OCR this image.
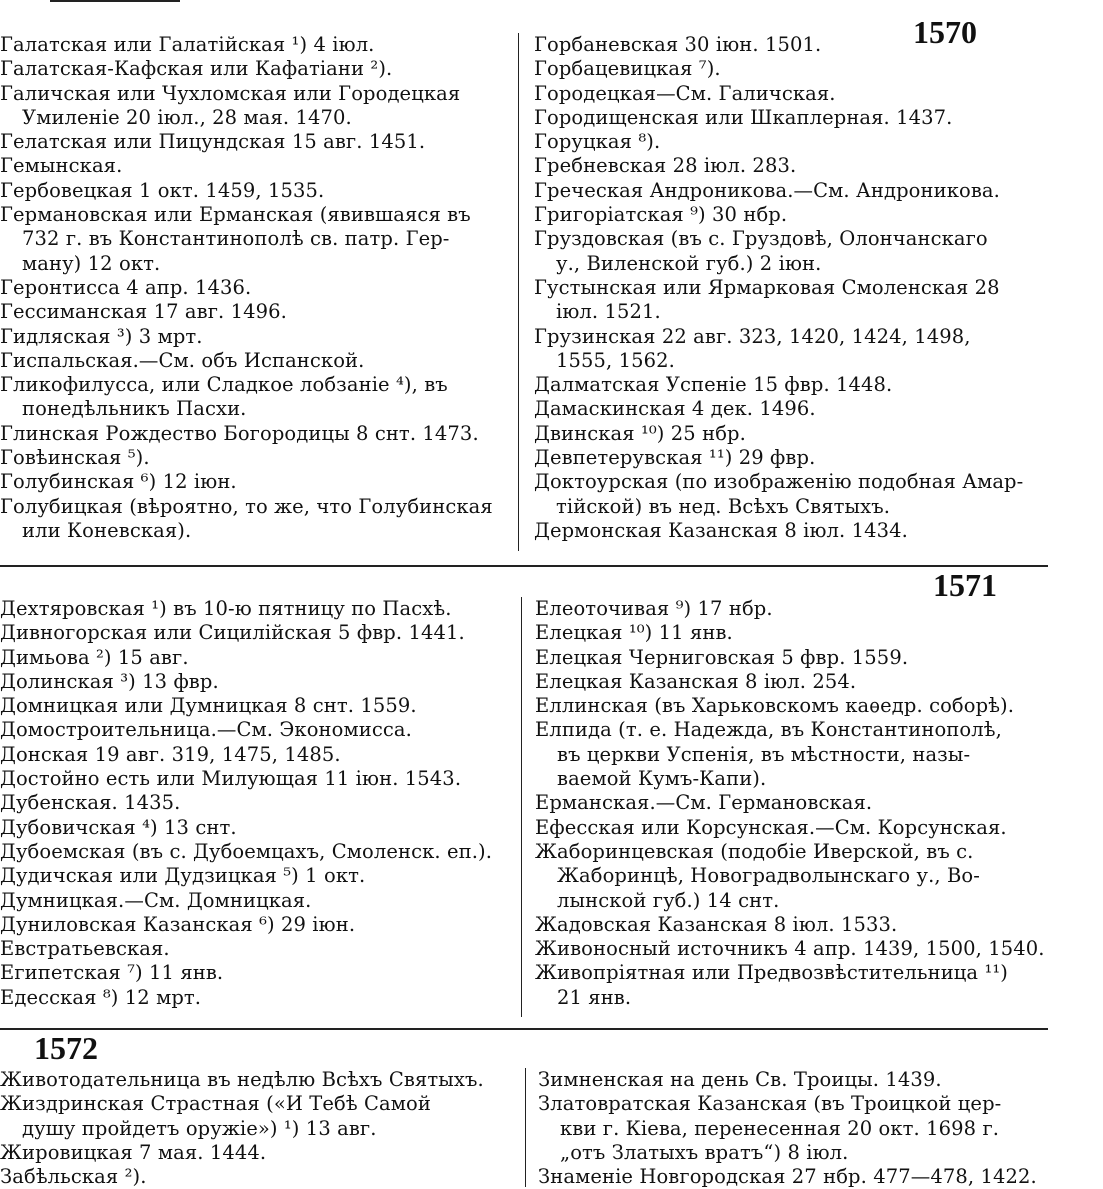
Галатская или Галатійская ¹) 4 іюл.
Галатская-Кафская или Кафатіани ²).
Галичская или Чухломская или Городецкая
Умиленіе 20 іюл., 28 мая. 1470.
Гелатская или Пицундская 15 авг. 1451.
Гемынская.
Гербовецкая 1 окт. 1459, 1535.
Германовская или Ерманская (явившаяся въ
732 г. въ Константинополѣ св. патр. Гер-
ману) 12 окт.
Геронтисса 4 апр. 1436.
Гессиманская 17 авг. 1496.
Гидляская ³) 3 мрт.
Гиспальская.—См. объ Испанской.
Гликофилусса, или Сладкое лобзаніе ⁴), въ
понедѣльникъ Пасхи.
Глинская Рождество Богородицы 8 снт. 1473.
Говѣинская ⁵).
Голубинская ⁶) 12 іюн.
Голубицкая (вѣроятно, то же, что Голубинская
или Коневская).
Горбаневская 30 іюн. 1501.
Горбацевицкая ⁷).
Городецкая—См. Галичская.
Городищенская или Шкаплерная. 1437.
Горуцкая ⁸).
Гребневская 28 іюл. 283.
Греческая Андроникова.—См. Андроникова.
Григоріатская ⁹) 30 нбр.
Груздовская (въ с. Груздовѣ, Олончанскаго
у., Виленской губ.) 2 іюн.
Густынская или Ярмарковая Смоленская 28
іюл. 1521.
Грузинская 22 авг. 323, 1420, 1424, 1498,
1555, 1562.
Далматская Успеніе 15 фвр. 1448.
Дамаскинская 4 дек. 1496.
Двинская ¹⁰) 25 нбр.
Девпетерувская ¹¹) 29 фвр.
Доктоурская (по изображенію подобная Амар-
тійской) въ нед. Всѣхъ Святыхъ.
Дермонская Казанская 8 іюл. 1434.
1570
1571
Дехтяровская ¹) въ 10-ю пятницу по Пасхѣ.
Дивногорская или Сицилійская 5 фвр. 1441.
Димьова ²) 15 авг.
Долинская ³) 13 фвр.
Домницкая или Думницкая 8 снт. 1559.
Домостроительница.—См. Экономисса.
Донская 19 авг. 319, 1475, 1485.
Достойно есть или Милующая 11 іюн. 1543.
Дубенская. 1435.
Дубовичская ⁴) 13 снт.
Дубоемская (въ с. Дубоемцахъ, Смоленск. еп.).
Дудичская или Дудзицкая ⁵) 1 окт.
Думницкая.—См. Домницкая.
Дуниловская Казанская ⁶) 29 іюн.
Евстратьевская.
Египетская ⁷) 11 янв.
Едесская ⁸) 12 мрт.
Елеоточивая ⁹) 17 нбр.
Елецкая ¹⁰) 11 янв.
Елецкая Черниговская 5 фвр. 1559.
Елецкая Казанская 8 іюл. 254.
Еллинская (въ Харьковскомъ каѳедр. соборѣ).
Елпида (т. е. Надежда, въ Константинополѣ,
въ церкви Успенія, въ мѣстности, назы-
ваемой Кумъ-Капи).
Ерманская.—См. Германовская.
Ефесская или Корсунская.—См. Корсунская.
Жаборинцевская (подобіе Иверской, въ с.
Жаборинцѣ, Новоградволынскаго у., Во-
лынской губ.) 14 снт.
Жадовская Казанская 8 іюл. 1533.
Живоносный источникъ 4 апр. 1439, 1500, 1540.
Живопріятная или Предвозвѣстительница ¹¹)
21 янв.
1572
Животодательница въ недѣлю Всѣхъ Святыхъ.
Жиздринская Страстная («И Тебѣ Самой
душу пройдетъ оружіе») ¹) 13 авг.
Жировицкая 7 мая. 1444.
Забѣльская ²).
Зимненская на день Св. Троицы. 1439.
Златовратская Казанская (въ Троицкой цер-
кви г. Кіева, перенесенная 20 окт. 1698 г.
„отъ Златыхъ вратъ“) 8 іюл.
Знаменіе Новгородская 27 нбр. 477—478, 1422.
